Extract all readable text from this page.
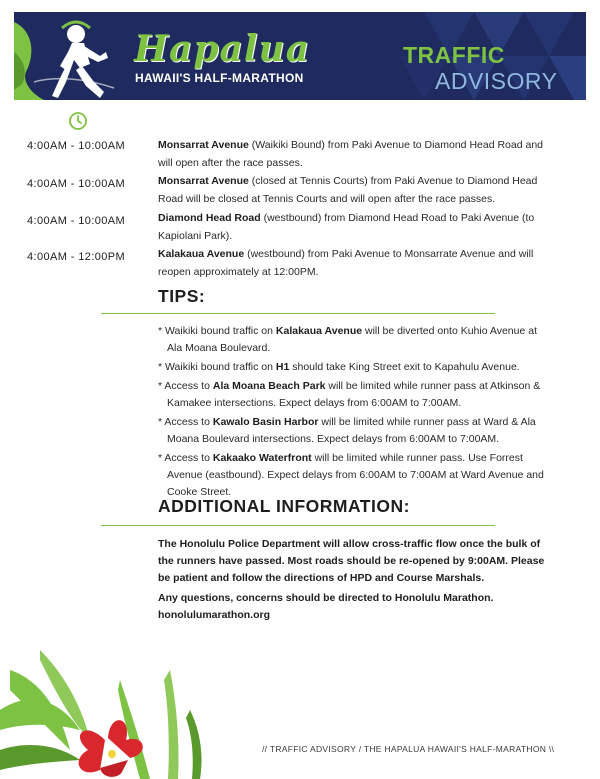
Hapalua
HAWAII'S HALF-MARATHON
TRAFFIC
ADVISORY
4:00AM - 10:00AM	Monsarrat Avenue (Waikiki Bound) from Paki Avenue to Diamond Head Road and will open after the race passes.
4:00AM - 10:00AM	Monsarrat Avenue (closed at Tennis Courts) from Paki Avenue to Diamond Head Road will be closed at Tennis Courts and will open after the race passes.
4:00AM - 10:00AM	Diamond Head Road (westbound) from Diamond Head Road to Paki Avenue (to Kapiolani Park).
4:00AM - 12:00PM	Kalakaua Avenue (westbound) from Paki Avenue to Monsarrate Avenue and will reopen approximately at 12:00PM.
TIPS:
* Waikiki bound traffic on Kalakaua Avenue will be diverted onto Kuhio Avenue at Ala Moana Boulevard.
* Waikiki bound traffic on H1 should take King Street exit to Kapahulu Avenue.
* Access to Ala Moana Beach Park will be limited while runner pass at Atkinson & Kamakee intersections. Expect delays from 6:00AM to 7:00AM.
* Access to Kawalo Basin Harbor will be limited while runner pass at Ward & Ala Moana Boulevard intersections. Expect delays from 6:00AM to 7:00AM.
* Access to Kakaako Waterfront will be limited while runner pass. Use Forrest Avenue (eastbound). Expect delays from 6:00AM to 7:00AM at Ward Avenue and Cooke Street.
ADDITIONAL INFORMATION:

The Honolulu Police Department will allow cross-traffic flow once the bulk of the runners have passed. Most roads should be re-opened by 9:00AM. Please be patient and follow the directions of HPD and Course Marshals.

Any questions, concerns should be directed to Honolulu Marathon.
honolulumarathon.org

// TRAFFIC ADVISORY / THE HAPALUA HAWAII'S HALF-MARATHON \\
